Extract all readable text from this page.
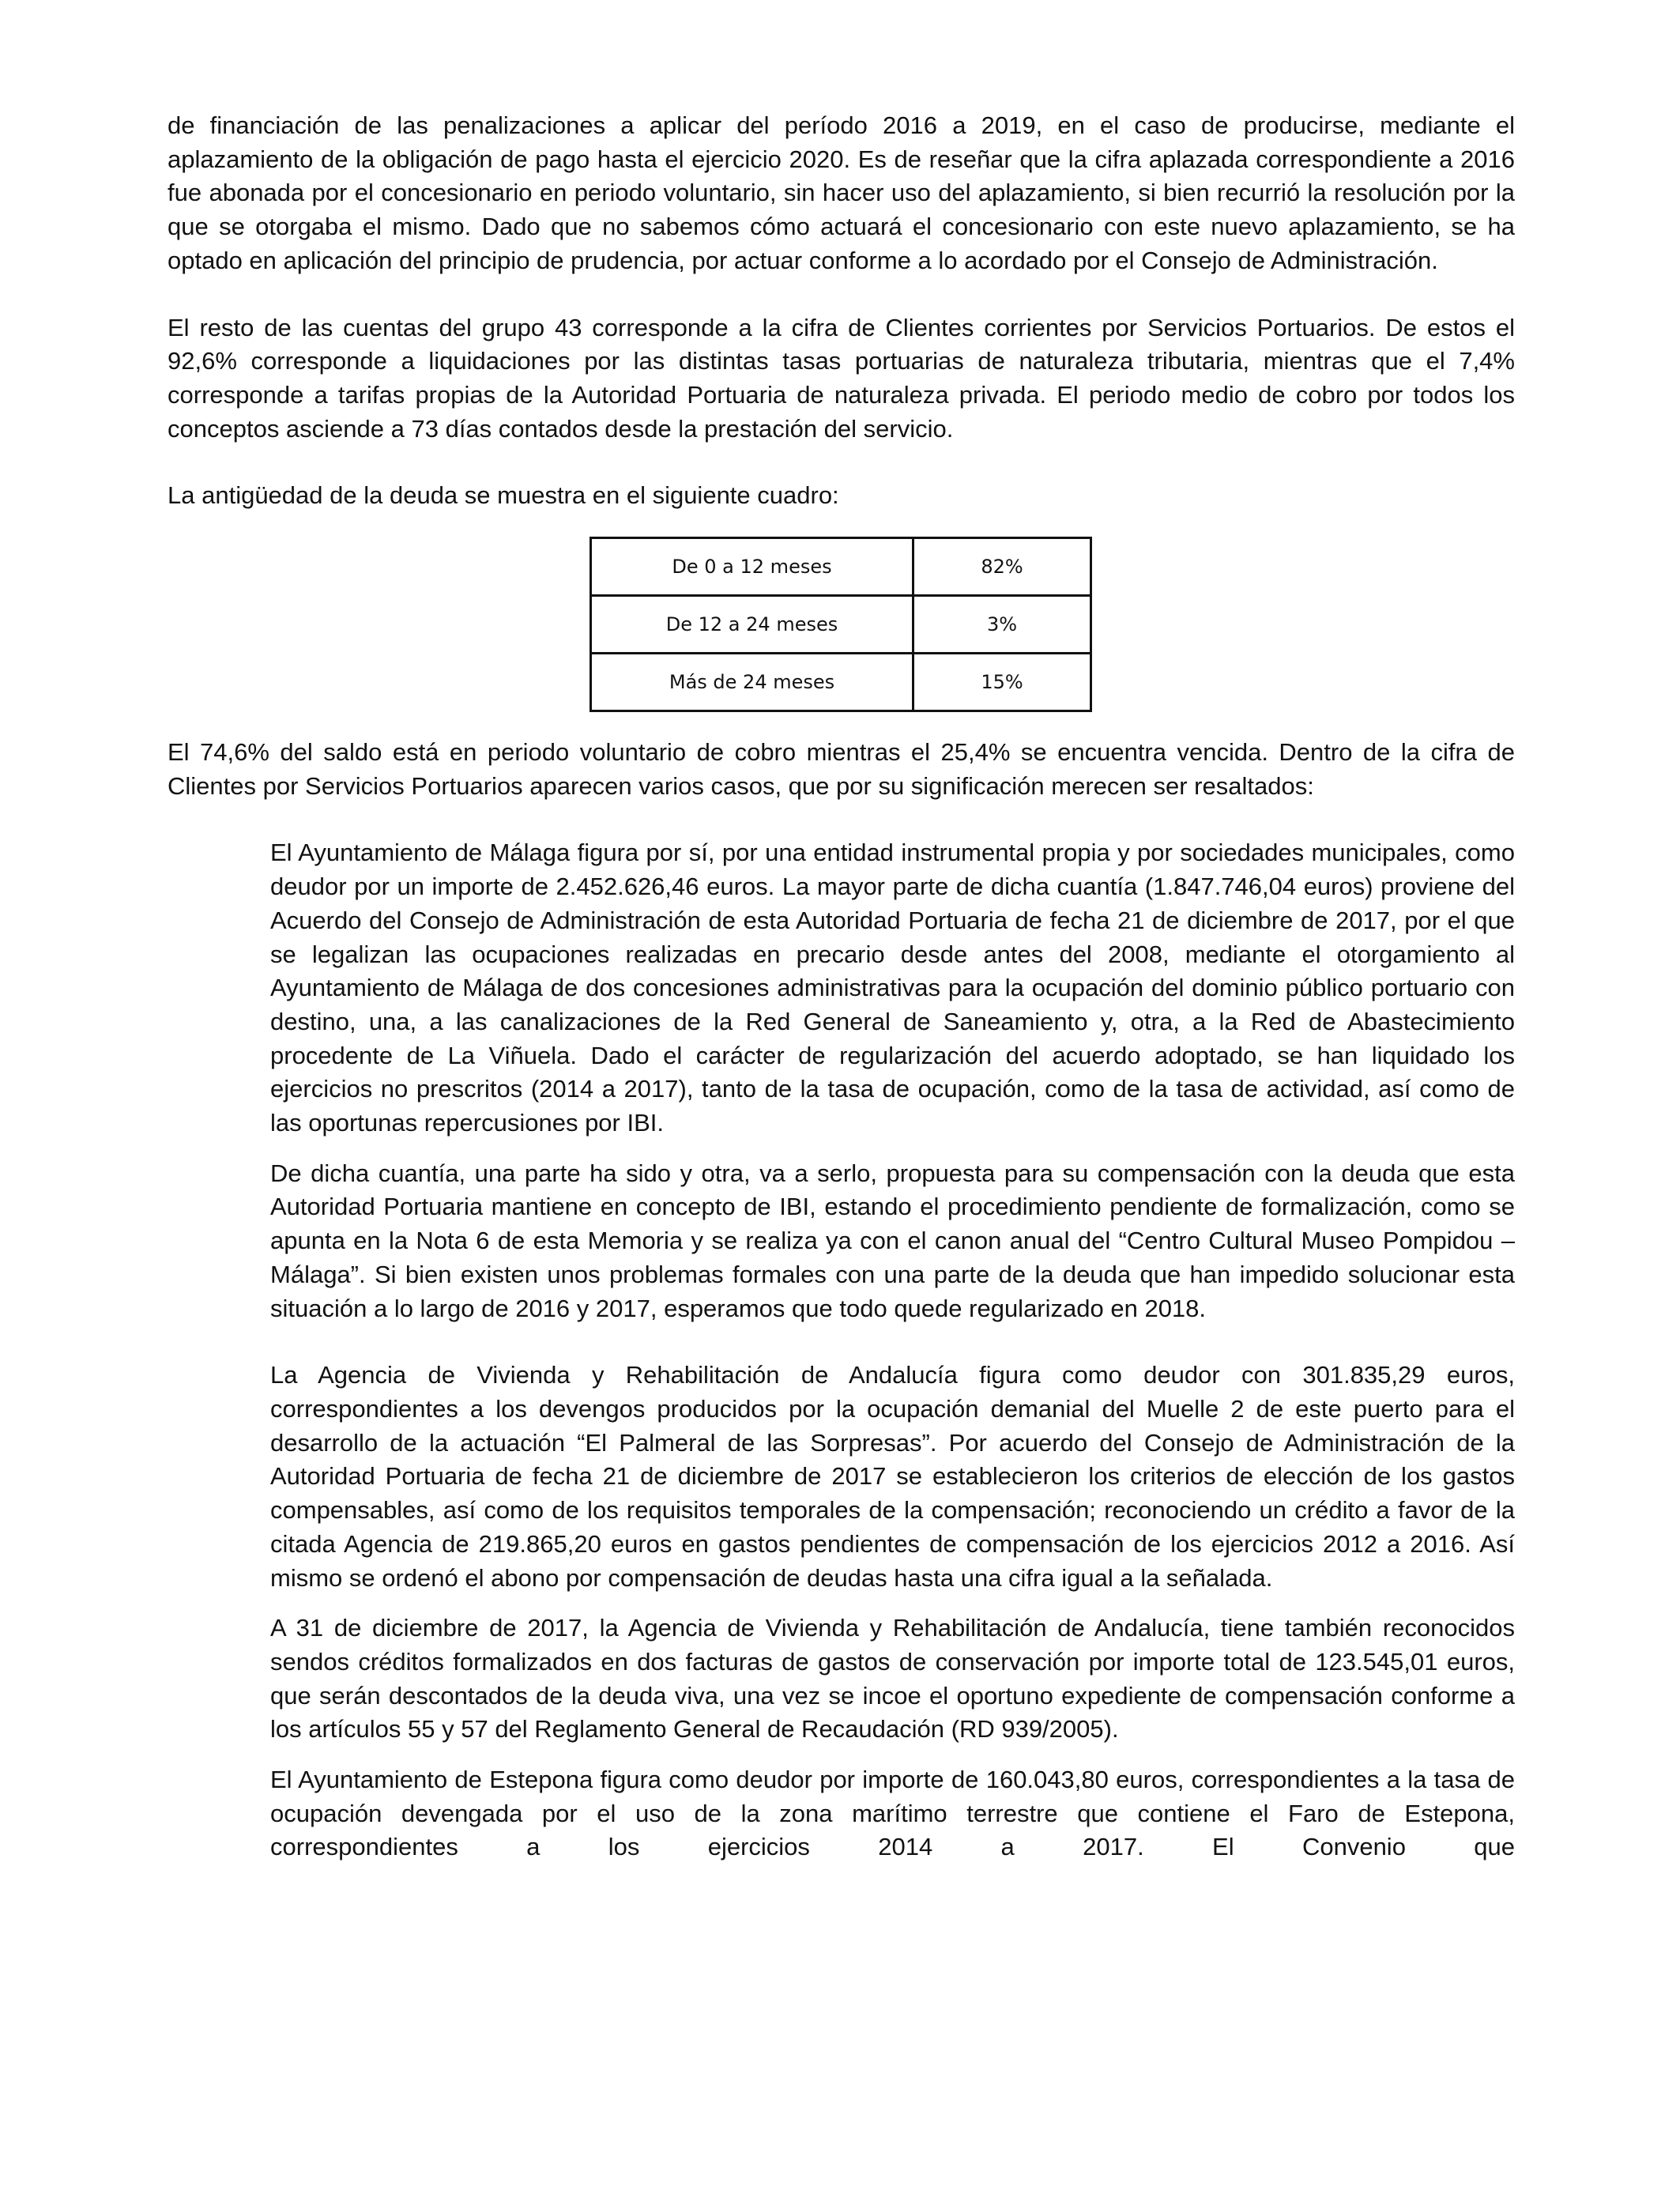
de financiación de las penalizaciones a aplicar del período 2016 a 2019, en el caso de producirse, mediante el aplazamiento de la obligación de pago hasta el ejercicio 2020. Es de reseñar que la cifra aplazada correspondiente a 2016 fue abonada por el concesionario en periodo voluntario, sin hacer uso del aplazamiento, si bien recurrió la resolución por la que se otorgaba el mismo. Dado que no sabemos cómo actuará el concesionario con este nuevo aplazamiento, se ha optado en aplicación del principio de prudencia, por actuar conforme a lo acordado por el Consejo de Administración.

El resto de las cuentas del grupo 43 corresponde a la cifra de Clientes corrientes por Servicios Portuarios. De estos el 92,6% corresponde a liquidaciones por las distintas tasas portuarias de naturaleza tributaria, mientras que el 7,4% corresponde a tarifas propias de la Autoridad Portuaria de naturaleza privada. El periodo medio de cobro por todos los conceptos asciende a 73 días contados desde la prestación del servicio.

La antigüedad de la deuda se muestra en el siguiente cuadro:

De 0 a 12 meses	82%
De 12 a 24 meses	3%
Más de 24 meses	15%

El 74,6% del saldo está en periodo voluntario de cobro mientras el 25,4% se encuentra vencida. Dentro de la cifra de Clientes por Servicios Portuarios aparecen varios casos, que por su significación merecen ser resaltados:

El Ayuntamiento de Málaga figura por sí, por una entidad instrumental propia y por sociedades municipales, como deudor por un importe de 2.452.626,46 euros. La mayor parte de dicha cuantía (1.847.746,04 euros) proviene del Acuerdo del Consejo de Administración de esta Autoridad Portuaria de fecha 21 de diciembre de 2017, por el que se legalizan las ocupaciones realizadas en precario desde antes del 2008, mediante el otorgamiento al Ayuntamiento de Málaga de dos concesiones administrativas para la ocupación del dominio público portuario con destino, una, a las canalizaciones de la Red General de Saneamiento y, otra, a la Red de Abastecimiento procedente de La Viñuela. Dado el carácter de regularización del acuerdo adoptado, se han liquidado los ejercicios no prescritos (2014 a 2017), tanto de la tasa de ocupación, como de la tasa de actividad, así como de las oportunas repercusiones por IBI.

De dicha cuantía, una parte ha sido y otra, va a serlo, propuesta para su compensación con la deuda que esta Autoridad Portuaria mantiene en concepto de IBI, estando el procedimiento pendiente de formalización, como se apunta en la Nota 6 de esta Memoria y se realiza ya con el canon anual del “Centro Cultural Museo Pompidou – Málaga”. Si bien existen unos problemas formales con una parte de la deuda que han impedido solucionar esta situación a lo largo de 2016 y 2017, esperamos que todo quede regularizado en 2018.

La Agencia de Vivienda y Rehabilitación de Andalucía figura como deudor con 301.835,29 euros, correspondientes a los devengos producidos por la ocupación demanial del Muelle 2 de este puerto para el desarrollo de la actuación “El Palmeral de las Sorpresas”. Por acuerdo del Consejo de Administración de la Autoridad Portuaria de fecha 21 de diciembre de 2017 se establecieron los criterios de elección de los gastos compensables, así como de los requisitos temporales de la compensación; reconociendo un crédito a favor de la citada Agencia de 219.865,20 euros en gastos pendientes de compensación de los ejercicios 2012 a 2016. Así mismo se ordenó el abono por compensación de deudas hasta una cifra igual a la señalada.

A 31 de diciembre de 2017, la Agencia de Vivienda y Rehabilitación de Andalucía, tiene también reconocidos sendos créditos formalizados en dos facturas de gastos de conservación por importe total de 123.545,01 euros, que serán descontados de la deuda viva, una vez se incoe el oportuno expediente de compensación conforme a los artículos 55 y 57 del Reglamento General de Recaudación (RD 939/2005).

El Ayuntamiento de Estepona figura como deudor por importe de 160.043,80 euros, correspondientes a la tasa de ocupación devengada por el uso de la zona marítimo terrestre que contiene el Faro de Estepona, correspondientes a los ejercicios 2014 a 2017. El Convenio que
